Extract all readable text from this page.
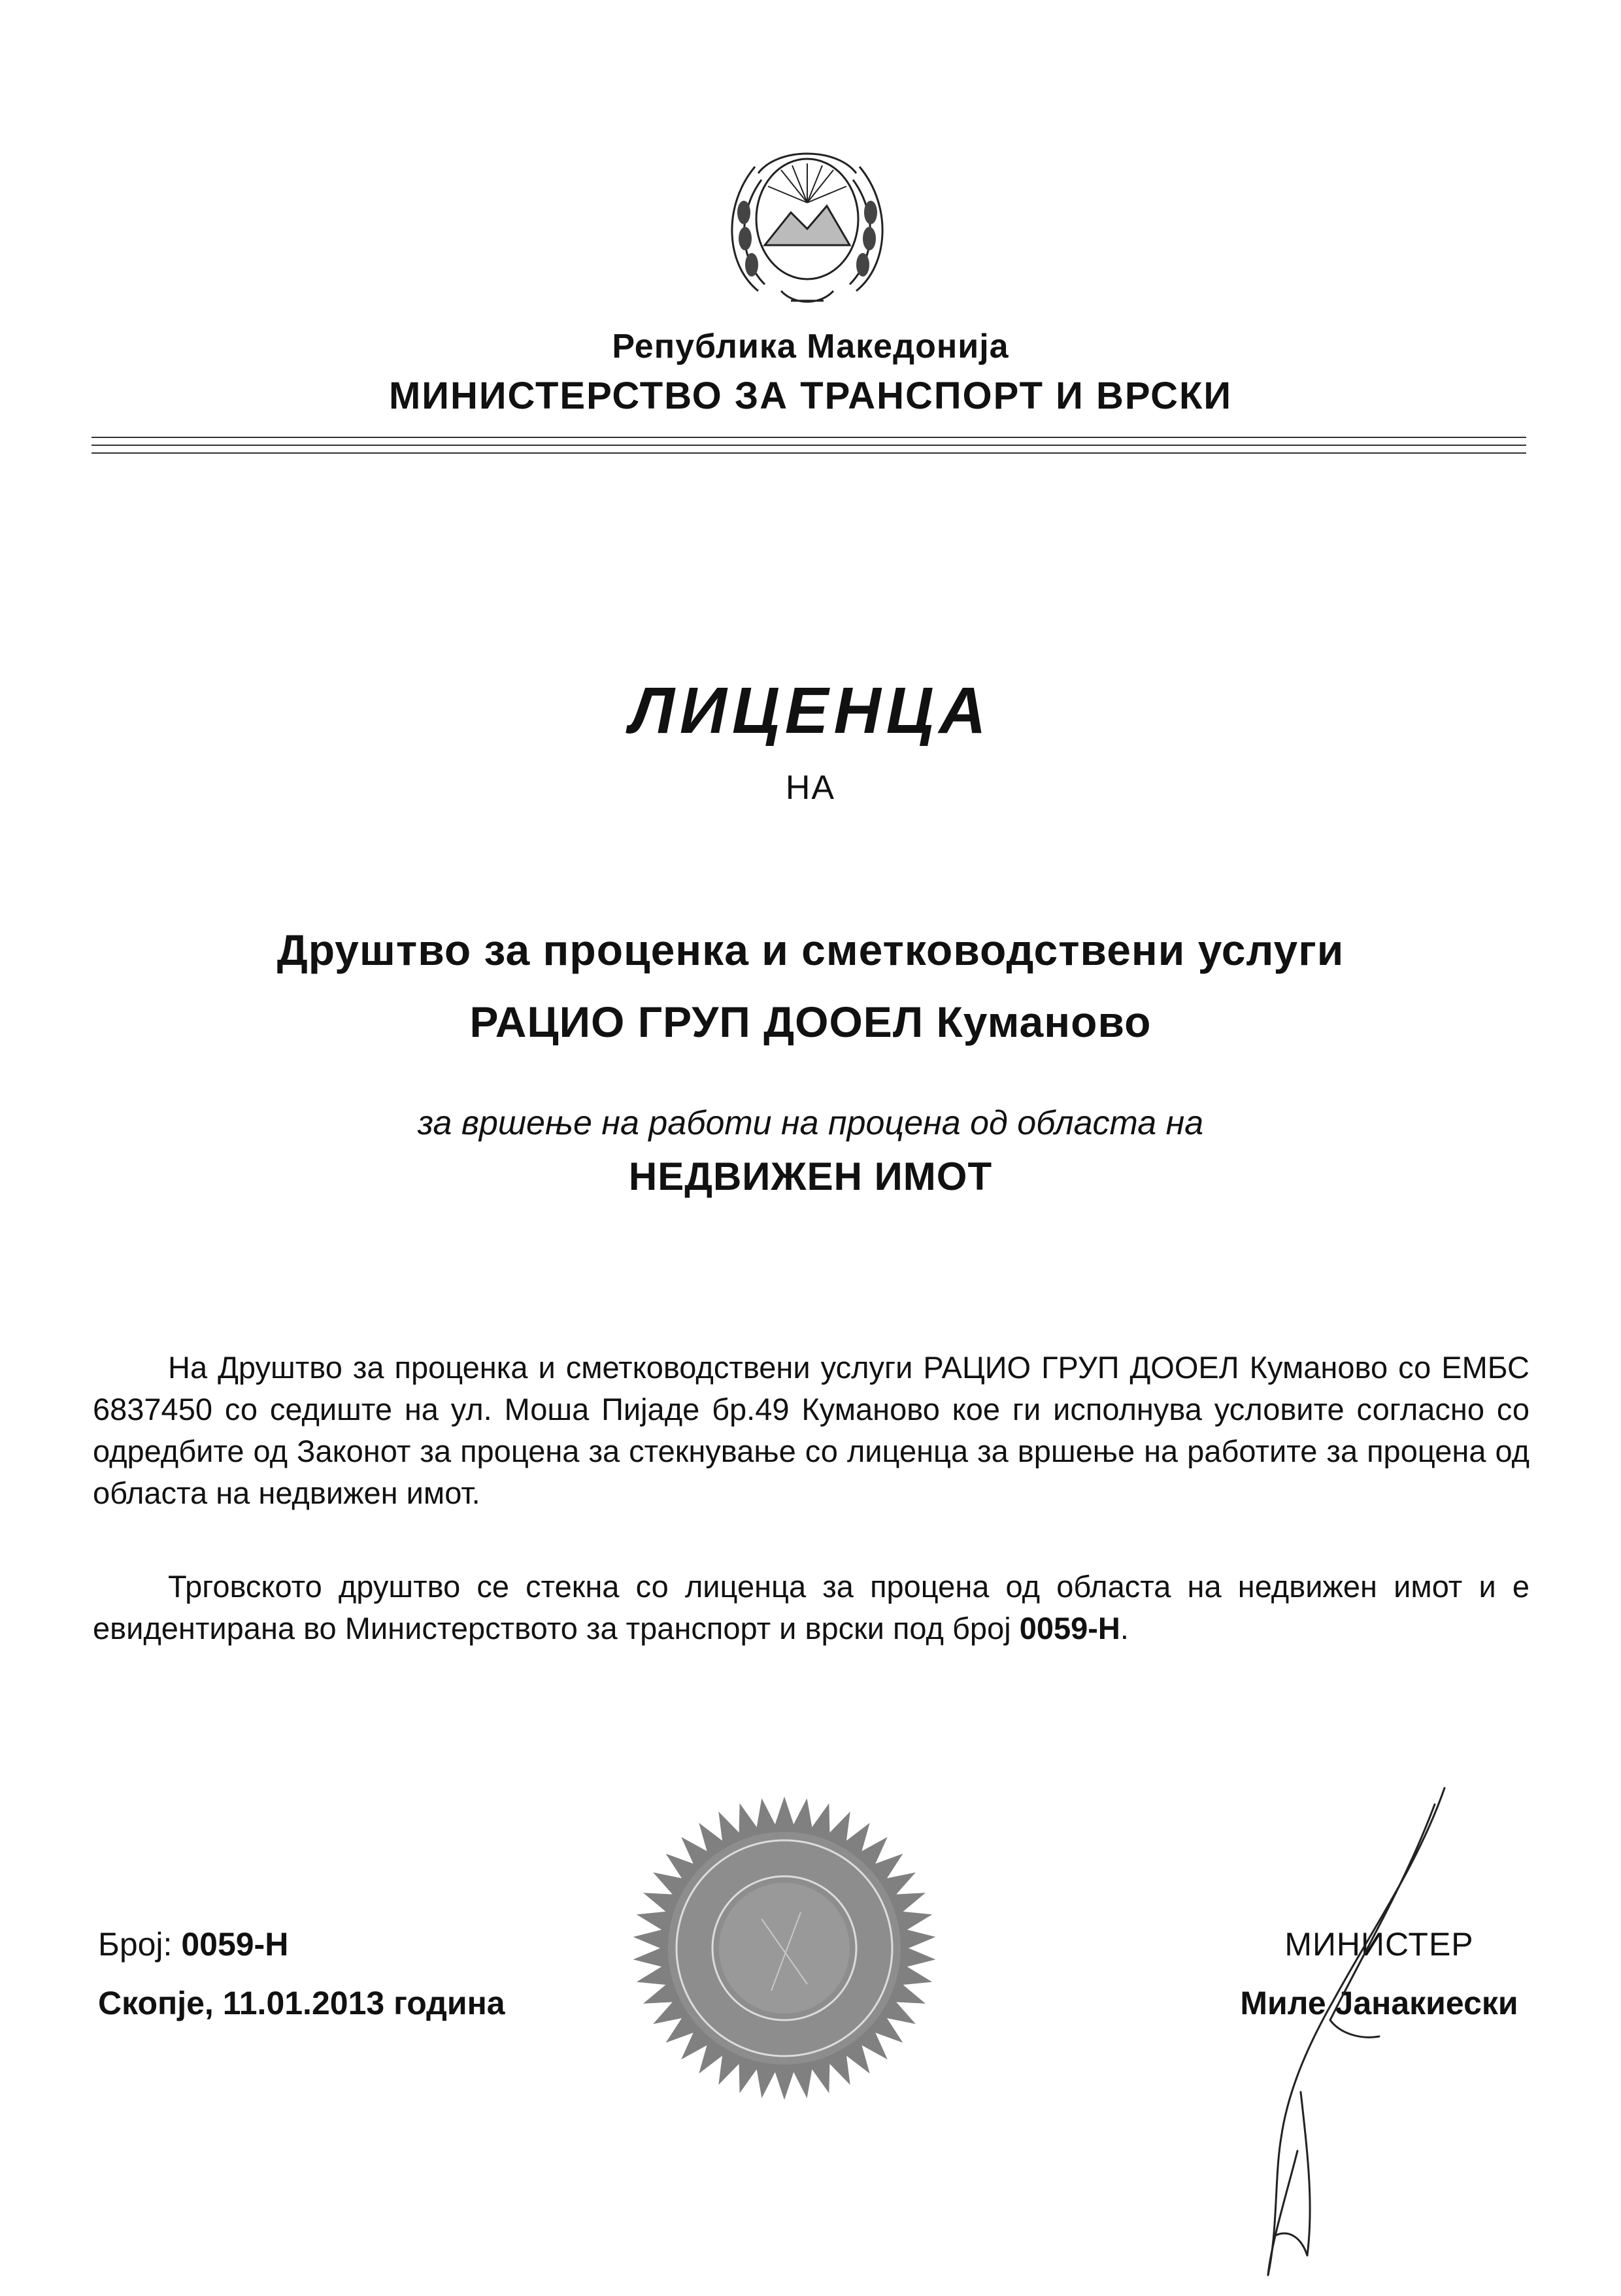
Република Македонија
МИНИСТЕРСТВО ЗА ТРАНСПОРТ И ВРСКИ
ЛИЦЕНЦА
НА
Друштво за проценка и сметководствени услуги
РАЦИО ГРУП ДООЕЛ Куманово
за вршење на работи на процена од областа на
НЕДВИЖЕН ИМОТ

На Друштво за проценка и сметководствени услуги РАЦИО ГРУП ДООЕЛ Куманово со ЕМБС 6837450 со седиште на ул. Моша Пијаде бр.49 Куманово кое ги исполнува условите согласно со одредбите од Законот за процена за стекнување со лиценца за вршење на работите за процена од областа на недвижен имот.

Трговското друштво се стекна со лиценца за процена од областа на недвижен имот и е евидентирана во Министерството за транспорт и врски под број 0059-Н.

Број: 0059-Н
Скопје, 11.01.2013 година
МИНИСТЕР
Миле Јанакиески
